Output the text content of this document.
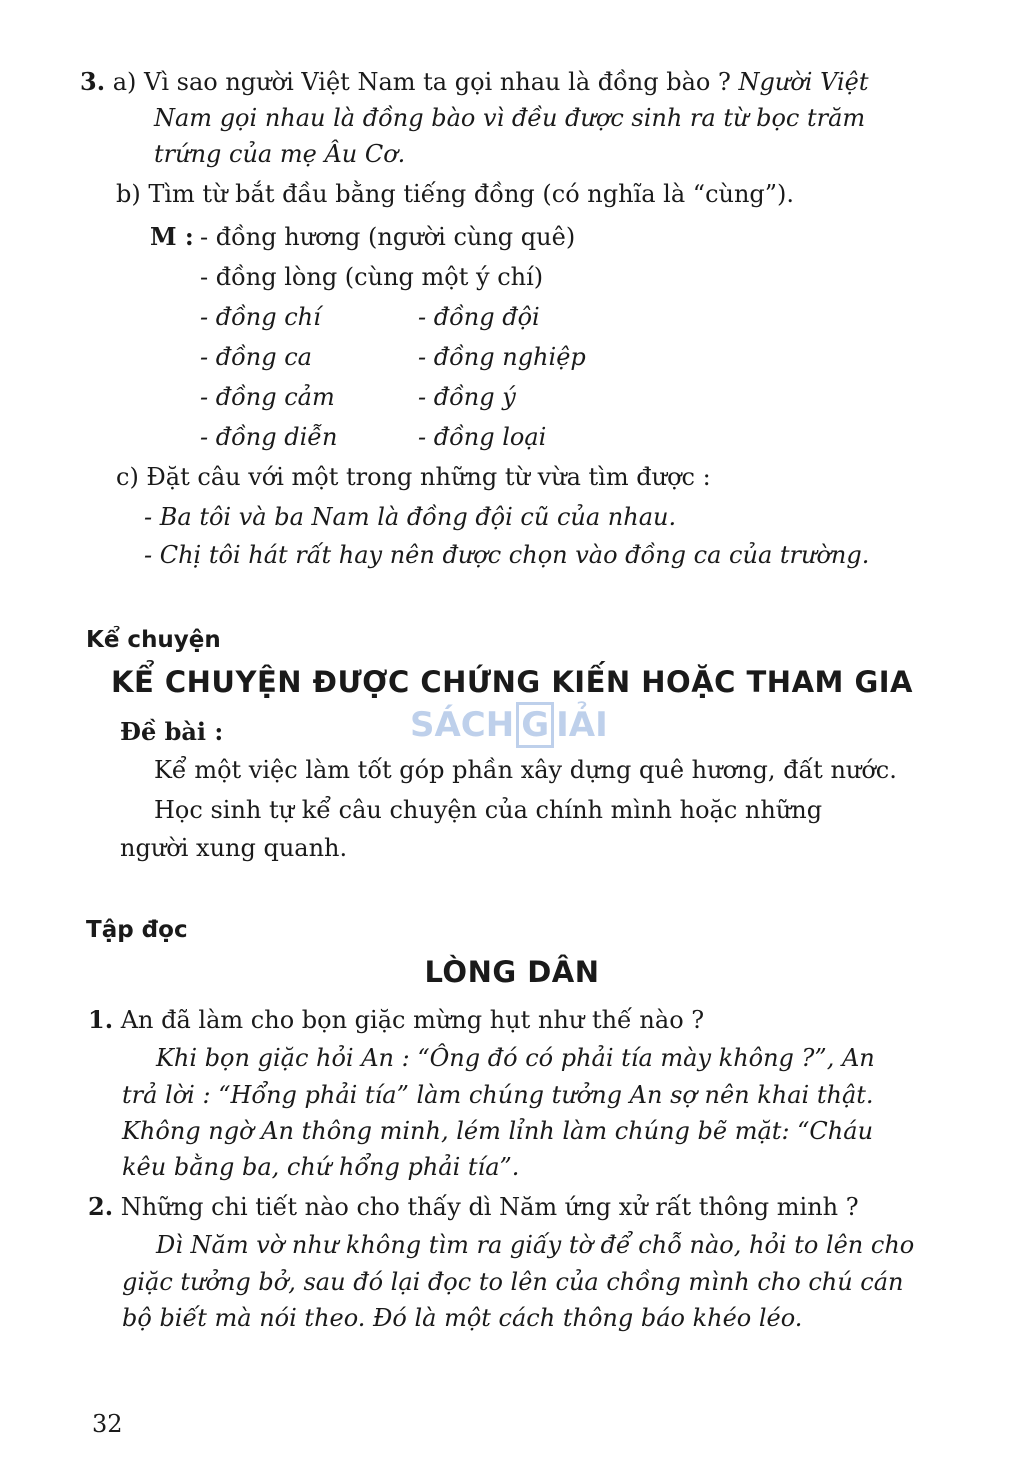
3. a) Vì sao người Việt Nam ta gọi nhau là đồng bào ? Người Việt
Nam gọi nhau là đồng bào vì đều được sinh ra từ bọc trăm
trứng của mẹ Âu Cơ.
b) Tìm từ bắt đầu bằng tiếng đồng (có nghĩa là “cùng”).
M : - đồng hương (người cùng quê)
- đồng lòng (cùng một ý chí)
- đồng chí
- đồng ca
- đồng cảm
- đồng diễn
- đồng đội
- đồng nghiệp
- đồng ý
- đồng loại
c) Đặt câu với một trong những từ vừa tìm được :
- Ba tôi và ba Nam là đồng đội cũ của nhau.
- Chị tôi hát rất hay nên được chọn vào đồng ca của trường.
Kể chuyện
KỂ CHUYỆN ĐƯỢC CHỨNG KIẾN HOẶC THAM GIA
SÁCH G IẢI
Đề bài :
Kể một việc làm tốt góp phần xây dựng quê hương, đất nước.
Học sinh tự kể câu chuyện của chính mình hoặc những
người xung quanh.
Tập đọc
LÒNG DÂN
1. An đã làm cho bọn giặc mừng hụt như thế nào ?
Khi bọn giặc hỏi An : “Ông đó có phải tía mày không ?”, An
trả lời : “Hổng phải tía” làm chúng tưởng An sợ nên khai thật.
Không ngờ An thông minh, lém lỉnh làm chúng bẽ mặt: “Cháu
kêu bằng ba, chứ hổng phải tía”.
2. Những chi tiết nào cho thấy dì Năm ứng xử rất thông minh ?
Dì Năm vờ như không tìm ra giấy tờ để chỗ nào, hỏi to lên cho
giặc tưởng bở, sau đó lại đọc to lên của chồng mình cho chú cán
bộ biết mà nói theo. Đó là một cách thông báo khéo léo.
32
